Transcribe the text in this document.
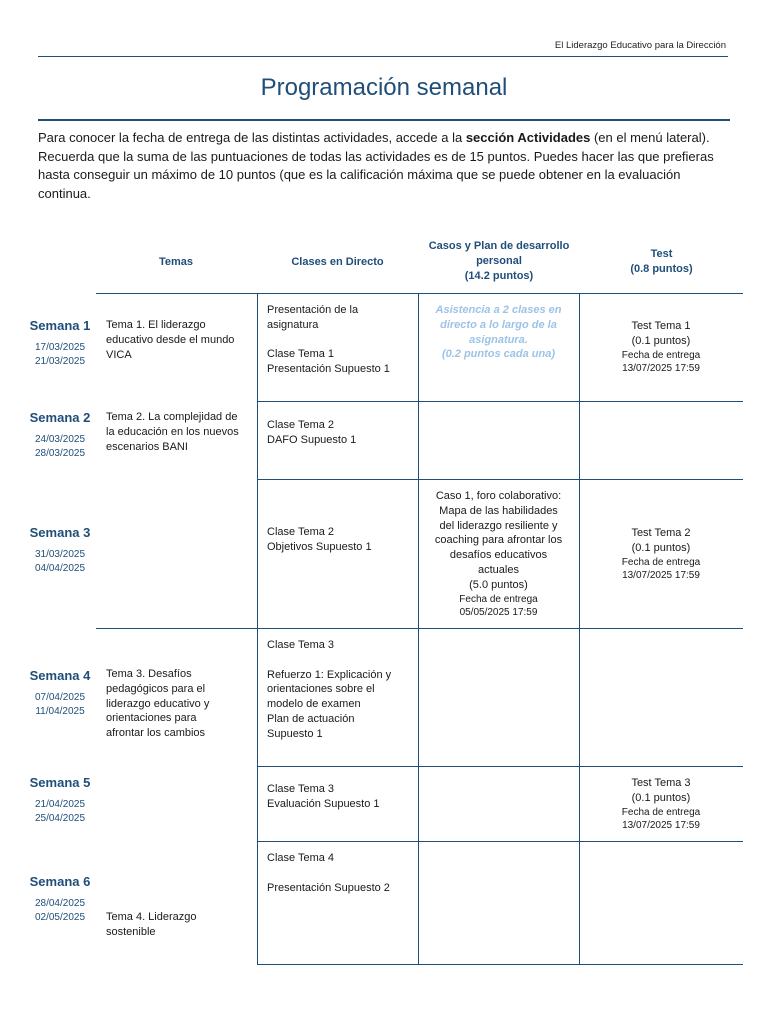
El Liderazgo Educativo para la Dirección
Programación semanal
Para conocer la fecha de entrega de las distintas actividades, accede a la sección Actividades (en el menú lateral). Recuerda que la suma de las puntuaciones de todas las actividades es de 15 puntos. Puedes hacer las que prefieras hasta conseguir un máximo de 10 puntos (que es la calificación máxima que se puede obtener en la evaluación continua.
Temas	Clases en Directo
Casos y Plan de desarrollo
personal
(14.2 puntos)
Test
(0.8 puntos)
Semana 1
17/03/2025
21/03/2025
Semana 2
24/03/2025
28/03/2025
Semana 3
31/03/2025
04/04/2025
Semana 4
07/04/2025
11/04/2025
Semana 5
21/04/2025
25/04/2025
Semana 6
28/04/2025
02/05/2025
Tema 1. El liderazgo
educativo desde el mundo
VICA
Tema 2. La complejidad de
la educación en los nuevos
escenarios BANI
Tema 3. Desafíos
pedagógicos para el
liderazgo educativo y
orientaciones para
afrontar los cambios
Tema 4. Liderazgo
sostenible
Presentación de la
asignatura
Clase Tema 1
Presentación Supuesto 1
Clase Tema 2
DAFO Supuesto 1
Clase Tema 2
Objetivos Supuesto 1
Clase Tema 3
Refuerzo 1: Explicación y
orientaciones sobre el
modelo de examen
Plan de actuación
Supuesto 1
Clase Tema 3
Evaluación Supuesto 1
Clase Tema 4
Presentación Supuesto 2
Asistencia a 2 clases en
directo a lo largo de la
asignatura.
(0.2 puntos cada una)
Caso 1, foro colaborativo:
Mapa de las habilidades
del liderazgo resiliente y
coaching para afrontar los
desafíos educativos
actuales
(5.0 puntos)
Fecha de entrega
05/05/2025 17:59
Test Tema 1
(0.1 puntos)
Fecha de entrega
13/07/2025 17:59
Test Tema 2
(0.1 puntos)
Fecha de entrega
13/07/2025 17:59
Test Tema 3
(0.1 puntos)
Fecha de entrega
13/07/2025 17:59
